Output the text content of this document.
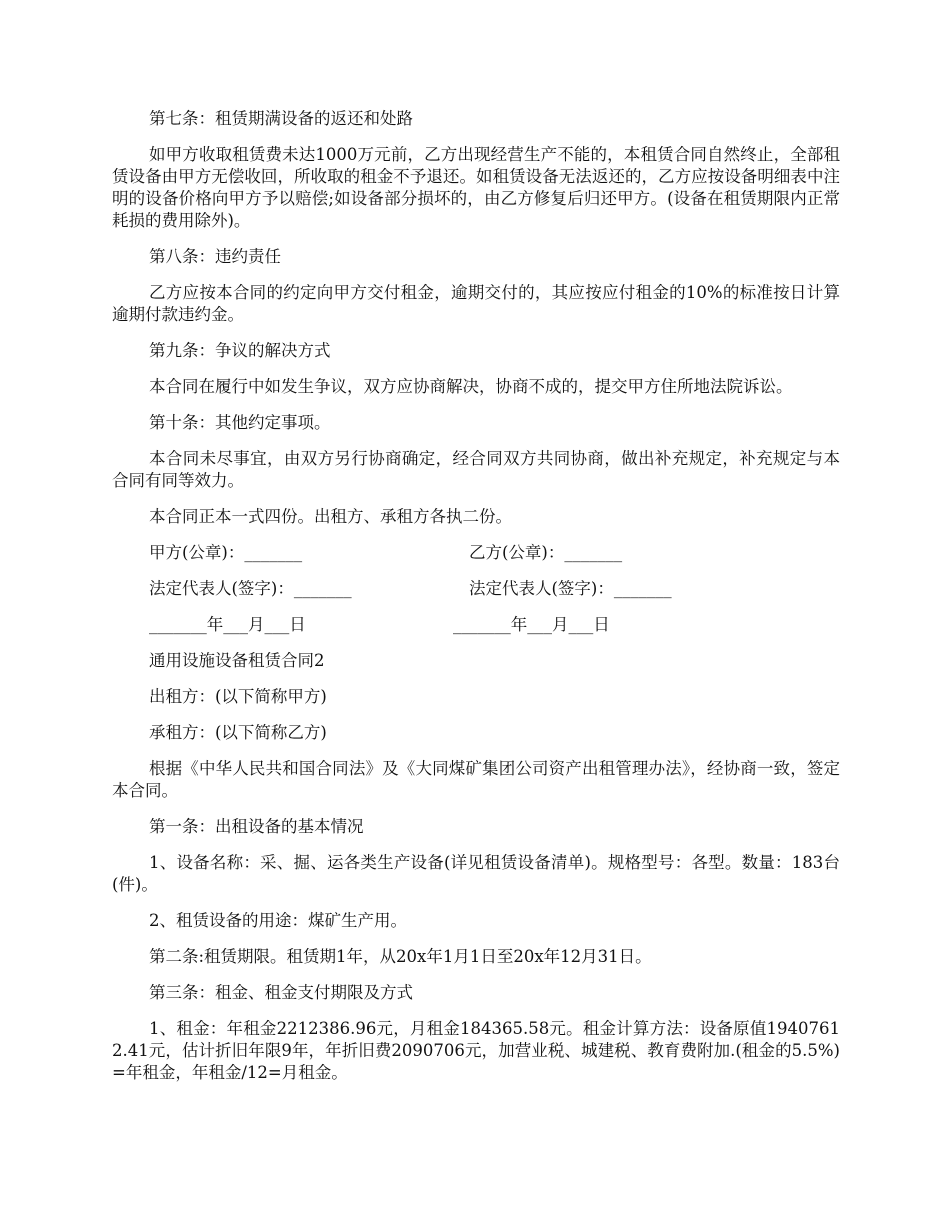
第七条：租赁期满设备的返还和处路

如甲方收取租赁费未达1000万元前，乙方出现经营生产不能的，本租赁合同自然终止，全部租赁设备由甲方无偿收回，所收取的租金不予退还。如租赁设备无法返还的，乙方应按设备明细表中注明的设备价格向甲方予以赔偿;如设备部分损坏的，由乙方修复后归还甲方。(设备在租赁期限内正常耗损的费用除外)。

第八条：违约责任

乙方应按本合同的约定向甲方交付租金，逾期交付的，其应按应付租金的10%的标准按日计算逾期付款违约金。

第九条：争议的解决方式

本合同在履行中如发生争议，双方应协商解决，协商不成的，提交甲方住所地法院诉讼。

第十条：其他约定事项。

本合同未尽事宜，由双方另行协商确定，经合同双方共同协商，做出补充规定，补充规定与本合同有同等效力。

本合同正本一式四份。出租方、承租方各执二份。

甲方(公章)：_______	乙方(公章)：_______
法定代表人(签字)：_______	法定代表人(签字)：_______
_______年___月___日	_______年___月___日

通用设施设备租赁合同2

出租方：(以下简称甲方)

承租方：(以下简称乙方)

根据《中华人民共和国合同法》及《大同煤矿集团公司资产出租管理办法》，经协商一致，签定本合同。

第一条：出租设备的基本情况

1、设备名称：采、掘、运各类生产设备(详见租赁设备清单)。规格型号：各型。数量：183台(件)。

2、租赁设备的用途：煤矿生产用。

第二条:租赁期限。租赁期1年，从20x年1月1日至20x年12月31日。

第三条：租金、租金支付期限及方式

1、租金：年租金2212386.96元，月租金184365.58元。租金计算方法：设备原值19407612.41元，估计折旧年限9年，年折旧费2090706元，加营业税、城建税、教育费附加.(租金的5.5%)=年租金，年租金/12=月租金。
